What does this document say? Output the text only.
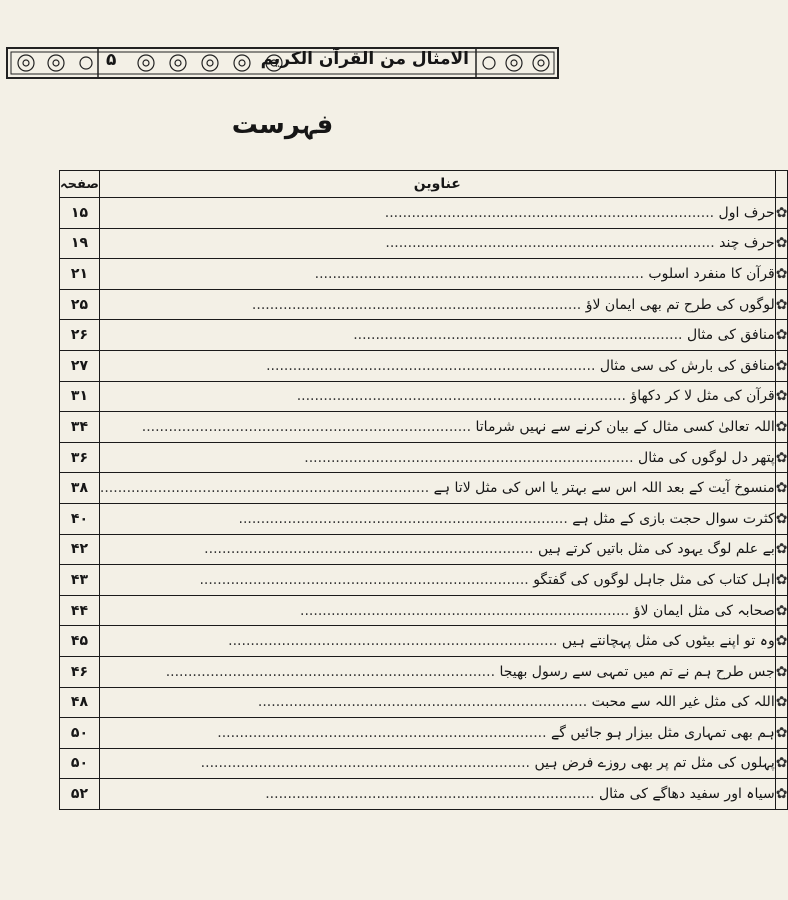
۵	الامثال من القرآن الکریم
فہرست
صفحہ	عناوین	
۱۵	حرف اول ..........................................................................	✿
۱۹	حرف چند ..........................................................................	✿
۲۱	قرآن کا منفرد اسلوب ..........................................................................	✿
۲۵	لوگوں کی طرح تم بھی ایمان لاؤ ..........................................................................	✿
۲۶	منافق کی مثال ..........................................................................	✿
۲۷	منافق کی بارش کی سی مثال ..........................................................................	✿
۳۱	قرآن کی مثل لا کر دکھاؤ ..........................................................................	✿
۳۴	اللہ تعالیٰ کسی مثال کے بیان کرنے سے نہیں شرماتا ..........................................................................	✿
۳۶	پتھر دل لوگوں کی مثال ..........................................................................	✿
۳۸	منسوخ آیت کے بعد اللہ اس سے بہتر یا اس کی مثل لاتا ہے ..........................................................................	✿
۴۰	کثرت سوال حجت بازی کے مثل ہے ..........................................................................	✿
۴۲	بے علم لوگ یہود کی مثل باتیں کرتے ہیں ..........................................................................	✿
۴۳	اہل کتاب کی مثل جاہل لوگوں کی گفتگو ..........................................................................	✿
۴۴	صحابہ کی مثل ایمان لاؤ ..........................................................................	✿
۴۵	وہ تو اپنے بیٹوں کی مثل پہچانتے ہیں ..........................................................................	✿
۴۶	جس طرح ہم نے تم میں تمہی سے رسول بھیجا ..........................................................................	✿
۴۸	اللہ کی مثل غیر اللہ سے محبت ..........................................................................	✿
۵۰	ہم بھی تمہاری مثل بیزار ہو جائیں گے ..........................................................................	✿
۵۰	پہلوں کی مثل تم پر بھی روزے فرض ہیں ..........................................................................	✿
۵۲	سیاہ اور سفید دھاگے کی مثال ..........................................................................	✿
